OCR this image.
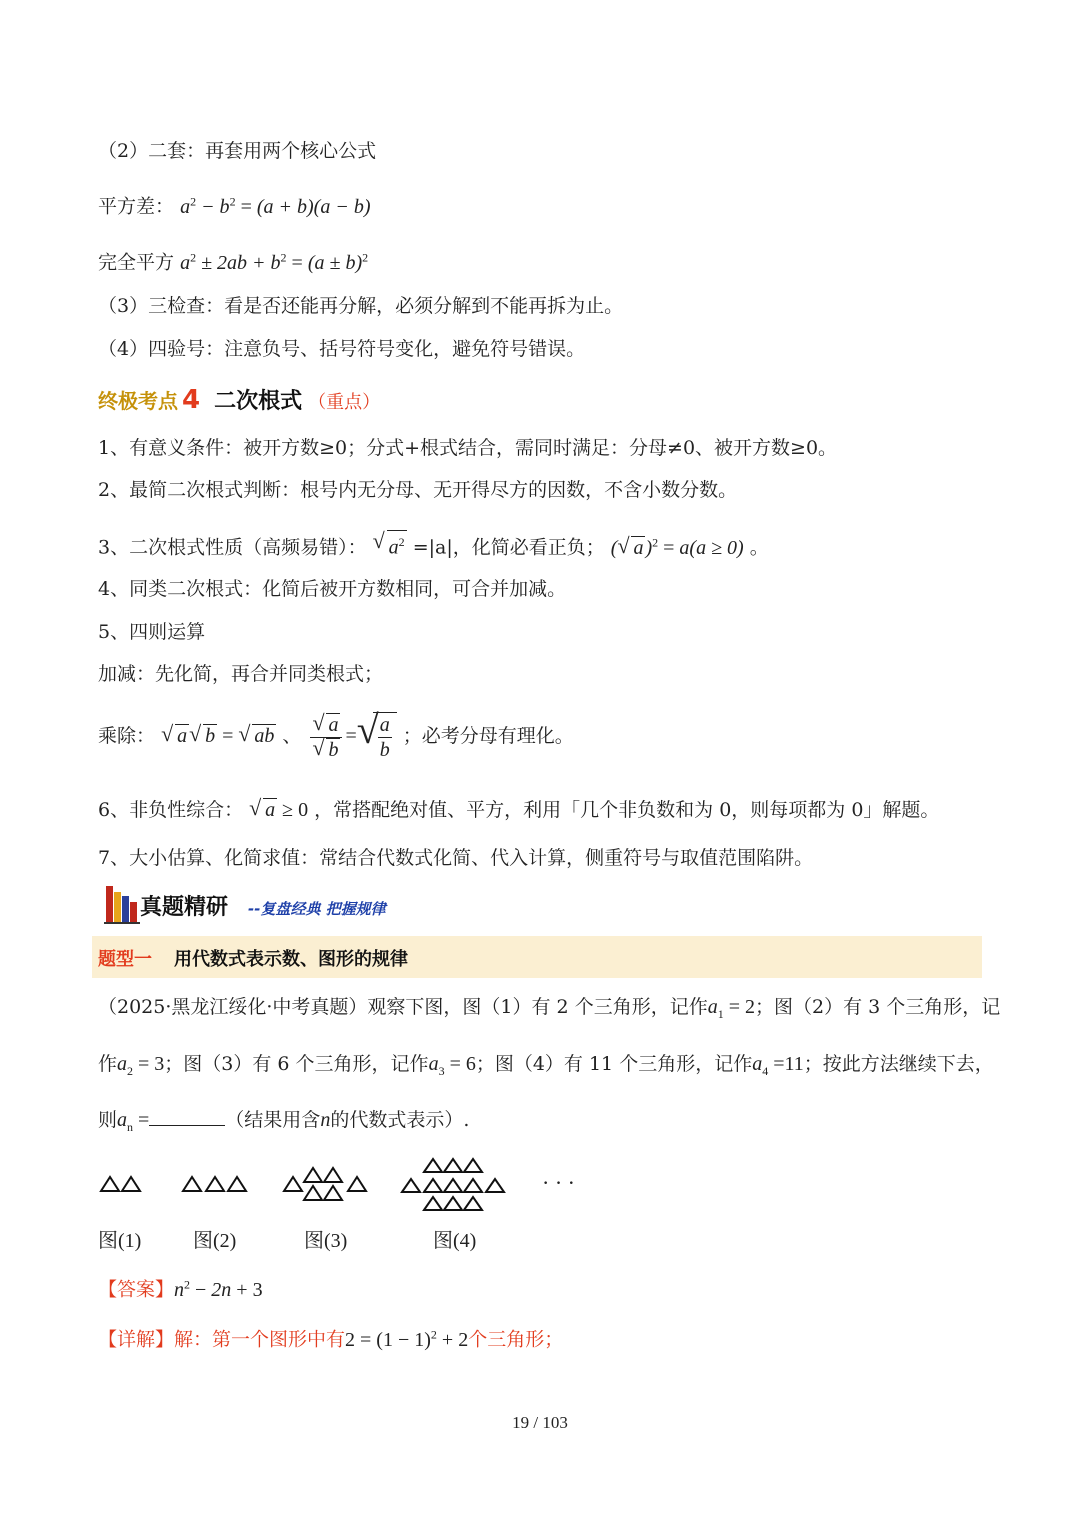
（2）二套：再套用两个核心公式
平方差： $a^2 - b^2 = (a + b)(a - b)$
完全平方 $a^2 \pm 2ab + b^2 = (a \pm b)^2$
（3）三检查：看是否还能再分解，必须分解到不能再拆为止。
（4）四验号：注意负号、括号符号变化，避免符号错误。
终极考点 4 二次根式 （重点）
1、有意义条件：被开方数≥0；分式+根式结合，需同时满足：分母≠0、被开方数≥0。
2、最简二次根式判断：根号内无分母、无开得尽方的因数，不含小数分数。
3、二次根式性质（高频易错）： √ $a^2 =|a|$，化简必看正负； ( √ a )$^2$ = a(a ≥ 0) 。
4、同类二次根式：化简后被开方数相同，可合并加减。
5、四则运算
加减：先化简，再合并同类根式；
乘除： √ a √ b = √ ab 、 $\frac{√ a}{√ b}$ = √ $\frac{a}{b}$ ；必考分母有理化。
6、非负性综合： √ a ≥ 0 ，常搭配绝对值、平方，利用「几个非负数和为 0，则每项都为 0」解题。
7、大小估算、化简求值：常结合代数式化简、代入计算，侧重符号与取值范围陷阱。
真题精研 --复盘经典 把握规律
题型一 用代数式表示数、图形的规律
（2025·黑龙江绥化·中考真题）观察下图，图（1）有 2 个三角形，记作$a_1 = 2$；图（2）有 3 个三角形，记
作$a_2 = 3$；图（3）有 6 个三角形，记作$a_3 = 6$；图（4）有 11 个三角形，记作$a_4 =11$；按此方法继续下去，
则$a_n$ =	（结果用含n的代数式表示）.
· · ·
图(1)	图(2)	图(3)	图(4)
【答案】$n^2 - 2n + 3$
【详解】解：第一个图形中有$2 = (1 - 1)^2 + 2$个三角形；
19 / 103
